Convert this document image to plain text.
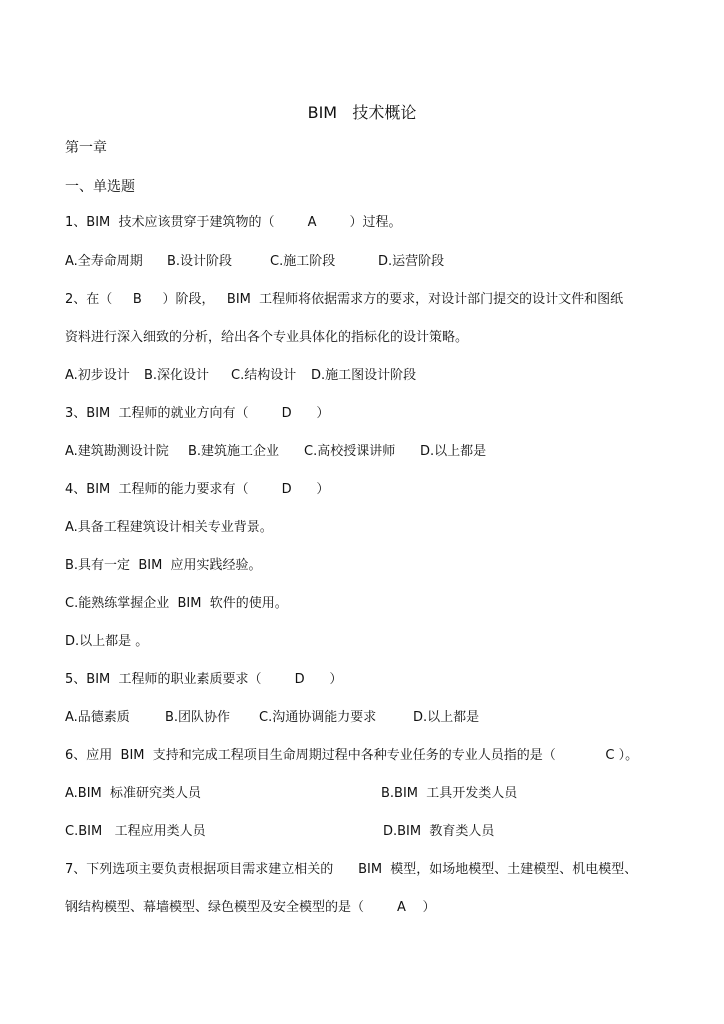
BIM   技术概论
第一章
一、单选题
1、BIM  技术应该贯穿于建筑物的（        A        ）过程。
A.全寿命周期 B.设计阶段	C.施工阶段	D.运营阶段
2、在（     B     ）阶段，   BIM  工程师将依据需求方的要求，对设计部门提交的设计文件和图纸
资料进行深入细致的分析，给出各个专业具体化的指标化的设计策略。
A.初步设计 B.深化设计 C.结构设计 D.施工图设计阶段
3、BIM  工程师的就业方向有（        D      ）
A.建筑勘测设计院 B.建筑施工企业 C.高校授课讲师 D.以上都是
4、BIM  工程师的能力要求有（        D      ）
A.具备工程建筑设计相关专业背景。
B.具有一定  BIM  应用实践经验。
C.能熟练掌握企业  BIM  软件的使用。
D.以上都是 。
5、BIM  工程师的职业素质要求（        D      ）
A.品德素质	B.团队协作 C.沟通协调能力要求	D.以上都是
6、应用  BIM  支持和完成工程项目生命周期过程中各种专业任务的专业人员指的是（            C ）。
A.BIM  标准研究类人员	B.BIM  工具开发类人员
C.BIM   工程应用类人员	D.BIM  教育类人员
7、下列选项主要负责根据项目需求建立相关的      BIM  模型，如场地模型、土建模型、机电模型、
钢结构模型、幕墙模型、绿色模型及安全模型的是（        A    ）
